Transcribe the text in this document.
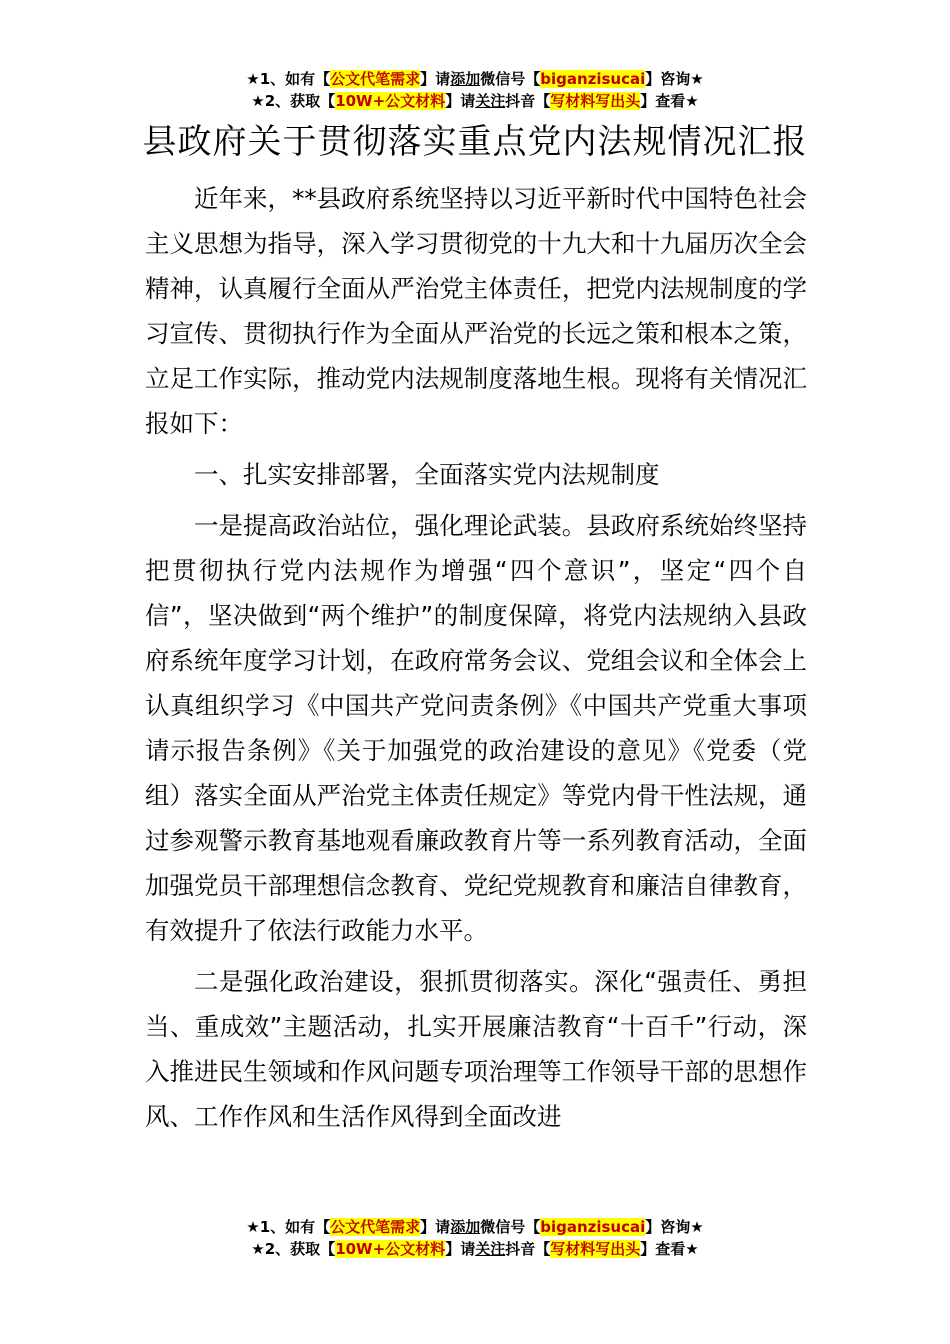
★1、如有【公文代笔需求】请添加微信号【biganzisucai】咨询★
★2、获取【10W+公文材料】请关注抖音【写材料写出头】查看★
县政府关于贯彻落实重点党内法规情况汇报

近年来，**县政府系统坚持以习近平新时代中国特色社会主义思想为指导，深入学习贯彻党的十九大和十九届历次全会精神，认真履行全面从严治党主体责任，把党内法规制度的学习宣传、贯彻执行作为全面从严治党的长远之策和根本之策，立足工作实际，推动党内法规制度落地生根。现将有关情况汇报如下：

一、扎实安排部署，全面落实党内法规制度

一是提高政治站位，强化理论武装。县政府系统始终坚持把贯彻执行党内法规作为增强“四个意识”，坚定“四个自信”，坚决做到“两个维护”的制度保障，将党内法规纳入县政府系统年度学习计划，在政府常务会议、党组会议和全体会上认真组织学习《中国共产党问责条例》《中国共产党重大事项请示报告条例》《关于加强党的政治建设的意见》《党委（党组）落实全面从严治党主体责任规定》等党内骨干性法规，通过参观警示教育基地观看廉政教育片等一系列教育活动，全面加强党员干部理想信念教育、党纪党规教育和廉洁自律教育，有效提升了依法行政能力水平。

二是强化政治建设，狠抓贯彻落实。深化“强责任、勇担当、重成效”主题活动，扎实开展廉洁教育“十百千”行动，深入推进民生领域和作风问题专项治理等工作领导干部的思想作风、工作作风和生活作风得到全面改进

★1、如有【公文代笔需求】请添加微信号【biganzisucai】咨询★
★2、获取【10W+公文材料】请关注抖音【写材料写出头】查看★
